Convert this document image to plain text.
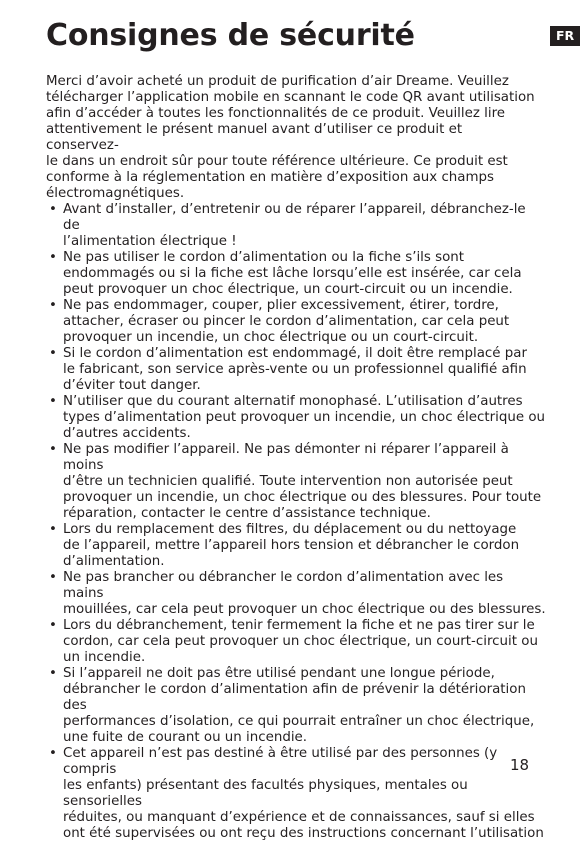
FR
Consignes de sécurité

Merci d’avoir acheté un produit de purification d’air Dreame. Veuillez
télécharger l’application mobile en scannant le code QR avant utilisation
afin d’accéder à toutes les fonctionnalités de ce produit. Veuillez lire
attentivement le présent manuel avant d’utiliser ce produit et conservez-
le dans un endroit sûr pour toute référence ultérieure. Ce produit est
conforme à la réglementation en matière d’exposition aux champs
électromagnétiques.

• Avant d’installer, d’entretenir ou de réparer l’appareil, débranchez-le de
l’alimentation électrique !
• Ne pas utiliser le cordon d’alimentation ou la fiche s’ils sont
endommagés ou si la fiche est lâche lorsqu’elle est insérée, car cela
peut provoquer un choc électrique, un court-circuit ou un incendie.
• Ne pas endommager, couper, plier excessivement, étirer, tordre,
attacher, écraser ou pincer le cordon d’alimentation, car cela peut
provoquer un incendie, un choc électrique ou un court-circuit.
• Si le cordon d’alimentation est endommagé, il doit être remplacé par
le fabricant, son service après-vente ou un professionnel qualifié afin
d’éviter tout danger.
• N’utiliser que du courant alternatif monophasé. L’utilisation d’autres
types d’alimentation peut provoquer un incendie, un choc électrique ou
d’autres accidents.
• Ne pas modifier l’appareil. Ne pas démonter ni réparer l’appareil à moins
d’être un technicien qualifié. Toute intervention non autorisée peut
provoquer un incendie, un choc électrique ou des blessures. Pour toute
réparation, contacter le centre d’assistance technique.
• Lors du remplacement des filtres, du déplacement ou du nettoyage
de l’appareil, mettre l’appareil hors tension et débrancher le cordon
d’alimentation.
• Ne pas brancher ou débrancher le cordon d’alimentation avec les mains
mouillées, car cela peut provoquer un choc électrique ou des blessures.
• Lors du débranchement, tenir fermement la fiche et ne pas tirer sur le
cordon, car cela peut provoquer un choc électrique, un court-circuit ou
un incendie.
• Si l’appareil ne doit pas être utilisé pendant une longue période,
débrancher le cordon d’alimentation afin de prévenir la détérioration des
performances d’isolation, ce qui pourrait entraîner un choc électrique,
une fuite de courant ou un incendie.
• Cet appareil n’est pas destiné à être utilisé par des personnes (y compris
les enfants) présentant des facultés physiques, mentales ou sensorielles
réduites, ou manquant d’expérience et de connaissances, sauf si elles
ont été supervisées ou ont reçu des instructions concernant l’utilisation
18
